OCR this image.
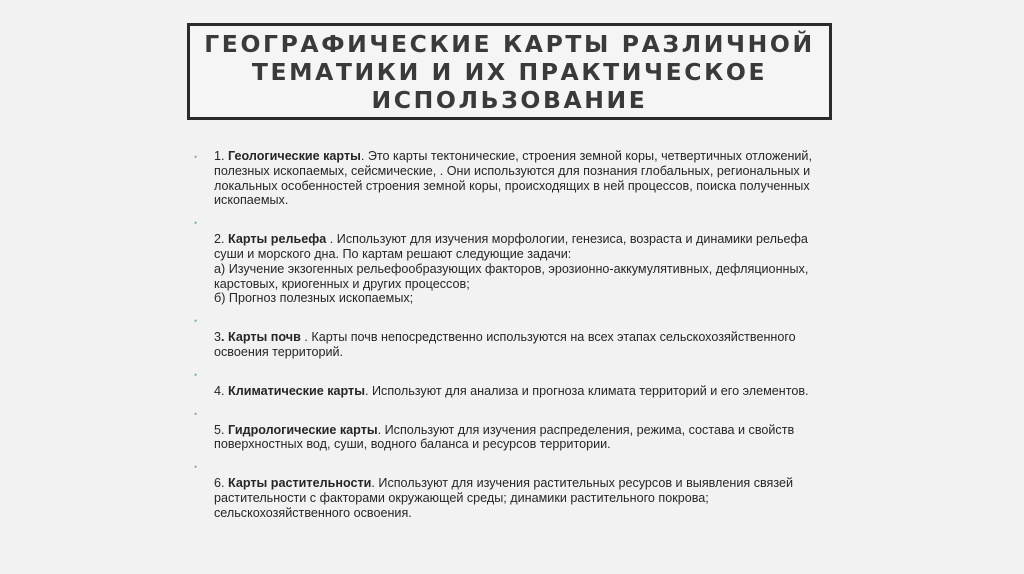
ГЕОГРАФИЧЕСКИЕ КАРТЫ РАЗЛИЧНОЙ ТЕМАТИКИ И ИХ ПРАКТИЧЕСКОЕ ИСПОЛЬЗОВАНИЕ
• 1. Геологические карты. Это карты тектонические, строения земной коры, четвертичных отложений, полезных ископаемых, сейсмические, . Они используются для познания глобальных, региональных и локальных особенностей строения земной коры, происходящих в ней процессов, поиска полученных ископаемых.
•
2. Карты рельефа . Используют для изучения морфологии, генезиса, возраста и динамики рельефа суши и морского дна. По картам решают следующие задачи:
а) Изучение экзогенных рельефообразующих факторов, эрозионно-аккумулятивных, дефляционных, карстовых, криогенных и других процессов;
б) Прогноз полезных ископаемых;
•
3. Карты почв . Карты почв непосредственно используются на всех этапах сельскохозяйственного освоения территорий.
•
4. Климатические карты. Используют для анализа и прогноза климата территорий и его элементов.
•
5. Гидрологические карты. Используют для изучения распределения, режима, состава и свойств поверхностных вод, суши, водного баланса и ресурсов территории.
•
6. Карты растительности. Используют для изучения растительных ресурсов и выявления связей растительности с факторами окружающей среды; динамики растительного покрова; сельскохозяйственного освоения.
